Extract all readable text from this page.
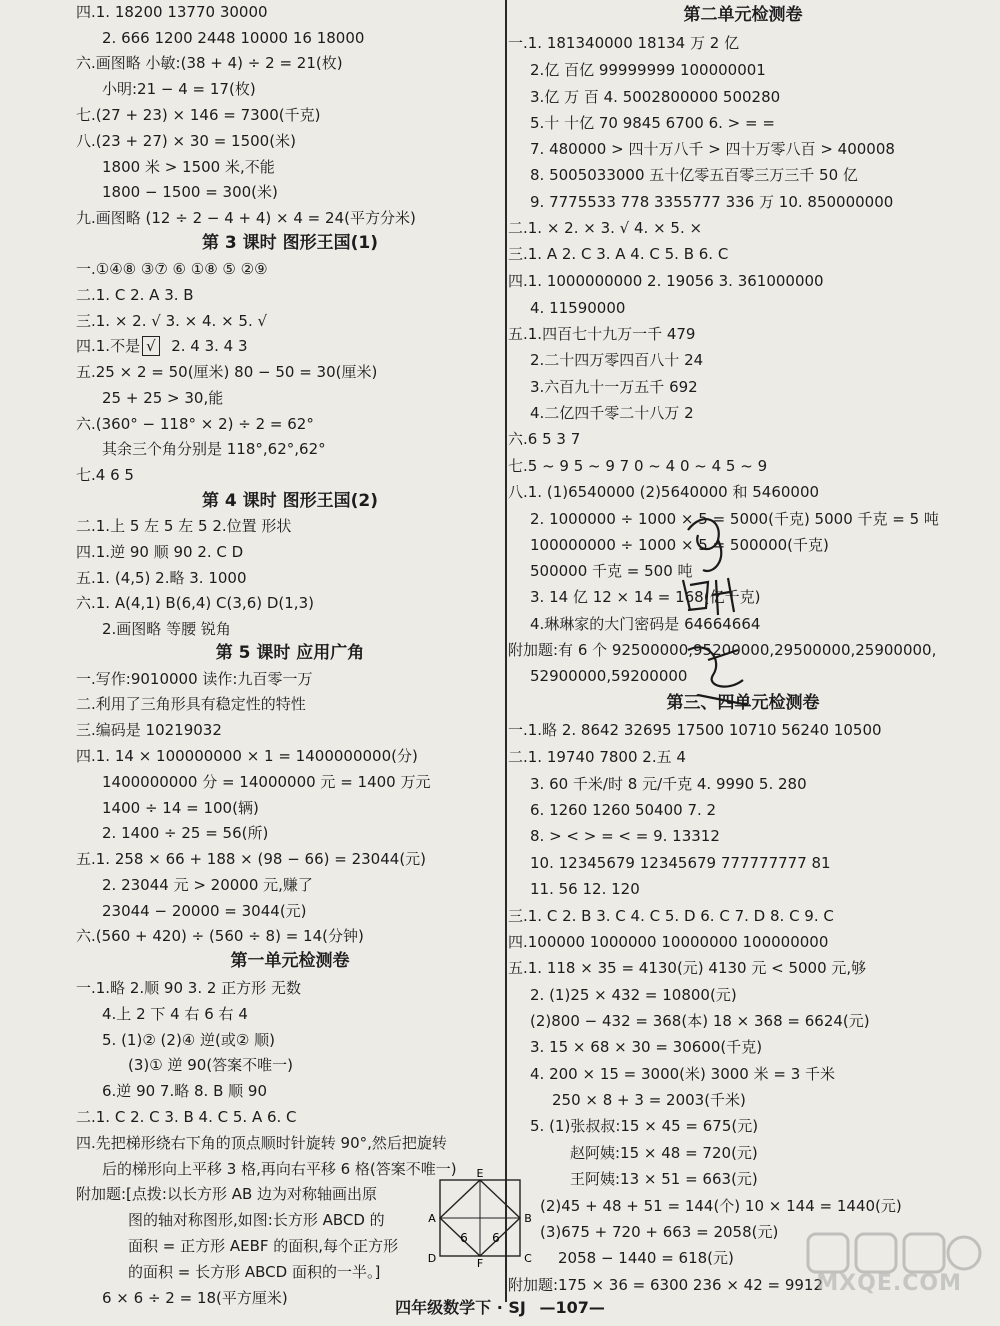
四.1. 18200 13770 30000
2. 666 1200 2448 10000 16 18000
六.画图略 小敏:(38 + 4) ÷ 2 = 21(枚)
小明:21 − 4 = 17(枚)
七.(27 + 23) × 146 = 7300(千克)
八.(23 + 27) × 30 = 1500(米)
1800 米 > 1500 米,不能
1800 − 1500 = 300(米)
九.画图略 (12 ÷ 2 − 4 + 4) × 4 = 24(平方分米)
第 3 课时 图形王国(1)
一.①④⑧ ③⑦ ⑥ ①⑧ ⑤ ②⑨
二.1. C 2. A 3. B
三.1. × 2. √ 3. × 4. × 5. √
四.1.不是 √ 2. 4 3. 4 3
五.25 × 2 = 50(厘米) 80 − 50 = 30(厘米)
25 + 25 > 30,能
六.(360° − 118° × 2) ÷ 2 = 62°
其余三个角分别是 118°,62°,62°
七.4 6 5
第 4 课时 图形王国(2)
二.1.上 5 左 5 左 5 2.位置 形状
四.1.逆 90 顺 90 2. C D
五.1. (4,5) 2.略 3. 1000
六.1. A(4,1) B(6,4) C(3,6) D(1,3)
2.画图略 等腰 锐角
第 5 课时 应用广角
一.写作:9010000 读作:九百零一万
二.利用了三角形具有稳定性的特性
三.编码是 10219032
四.1. 14 × 100000000 × 1 = 1400000000(分)
1400000000 分 = 14000000 元 = 1400 万元
1400 ÷ 14 = 100(辆)
2. 1400 ÷ 25 = 56(所)
五.1. 258 × 66 + 188 × (98 − 66) = 23044(元)
2. 23044 元 > 20000 元,赚了
23044 − 20000 = 3044(元)
六.(560 + 420) ÷ (560 ÷ 8) = 14(分钟)
第一单元检测卷
一.1.略 2.顺 90 3. 2 正方形 无数
4.上 2 下 4 右 6 右 4
5. (1)② (2)④ 逆(或② 顺)
(3)① 逆 90(答案不唯一)
6.逆 90 7.略 8. B 顺 90
二.1. C 2. C 3. B 4. C 5. A 6. C
四.先把梯形绕右下角的顶点顺时针旋转 90°,然后把旋转
后的梯形向上平移 3 格,再向右平移 6 格(答案不唯一)
附加题:[点拨:以长方形 AB 边为对称轴画出原
图的轴对称图形,如图:长方形 ABCD 的
面积 = 正方形 AEBF 的面积,每个正方形
的面积 = 长方形 ABCD 面积的一半。]
6 × 6 ÷ 2 = 18(平方厘米)
E
A	B
C
D	F
6 6
第二单元检测卷
一.1. 181340000 18134 万 2 亿
2.亿 百亿 99999999 100000001
3.亿 万 百 4. 5002800000 500280
5.十 十亿 70 9845 6700 6. > = =
7. 480000 > 四十万八千 > 四十万零八百 > 400008
8. 5005033000 五十亿零五百零三万三千 50 亿
9. 7775533 778 3355777 336 万 10. 850000000
二.1. × 2. × 3. √ 4. × 5. ×
三.1. A 2. C 3. A 4. C 5. B 6. C
四.1. 1000000000 2. 19056 3. 361000000
4. 11590000
五.1.四百七十九万一千 479
2.二十四万零四百八十 24
3.六百九十一万五千 692
4.二亿四千零二十八万 2
六.6 5 3 7
七.5 ~ 9 5 ~ 9 7 0 ~ 4 0 ~ 4 5 ~ 9
八.1. (1)6540000 (2)5640000 和 5460000
2. 1000000 ÷ 1000 × 5 = 5000(千克) 5000 千克 = 5 吨
100000000 ÷ 1000 × 5 = 500000(千克)
500000 千克 = 500 吨
3. 14 亿 12 × 14 = 168(亿千克)
4.琳琳家的大门密码是 64664664
附加题:有 6 个 92500000,95200000,29500000,25900000,
52900000,59200000
第三、四单元检测卷
一.1.略 2. 8642 32695 17500 10710 56240 10500
二.1. 19740 7800 2.五 4
3. 60 千米/时 8 元/千克 4. 9990 5. 280
6. 1260 1260 50400 7. 2
8. > < > = < = 9. 13312
10. 12345679 12345679 777777777 81
11. 56 12. 120
三.1. C 2. B 3. C 4. C 5. D 6. C 7. D 8. C 9. C
四.100000 1000000 10000000 100000000
五.1. 118 × 35 = 4130(元) 4130 元 < 5000 元,够
2. (1)25 × 432 = 10800(元)
(2)800 − 432 = 368(本) 18 × 368 = 6624(元)
3. 15 × 68 × 30 = 30600(千克)
4. 200 × 15 = 3000(米) 3000 米 = 3 千米
250 × 8 + 3 = 2003(千米)
5. (1)张叔叔:15 × 45 = 675(元)
赵阿姨:15 × 48 = 720(元)
王阿姨:13 × 51 = 663(元)
(2)45 + 48 + 51 = 144(个) 10 × 144 = 1440(元)
(3)675 + 720 + 663 = 2058(元)
2058 − 1440 = 618(元)
附加题:175 × 36 = 6300 236 × 42 = 9912
四年级数学下 · SJ —107—
MXQE.COM
